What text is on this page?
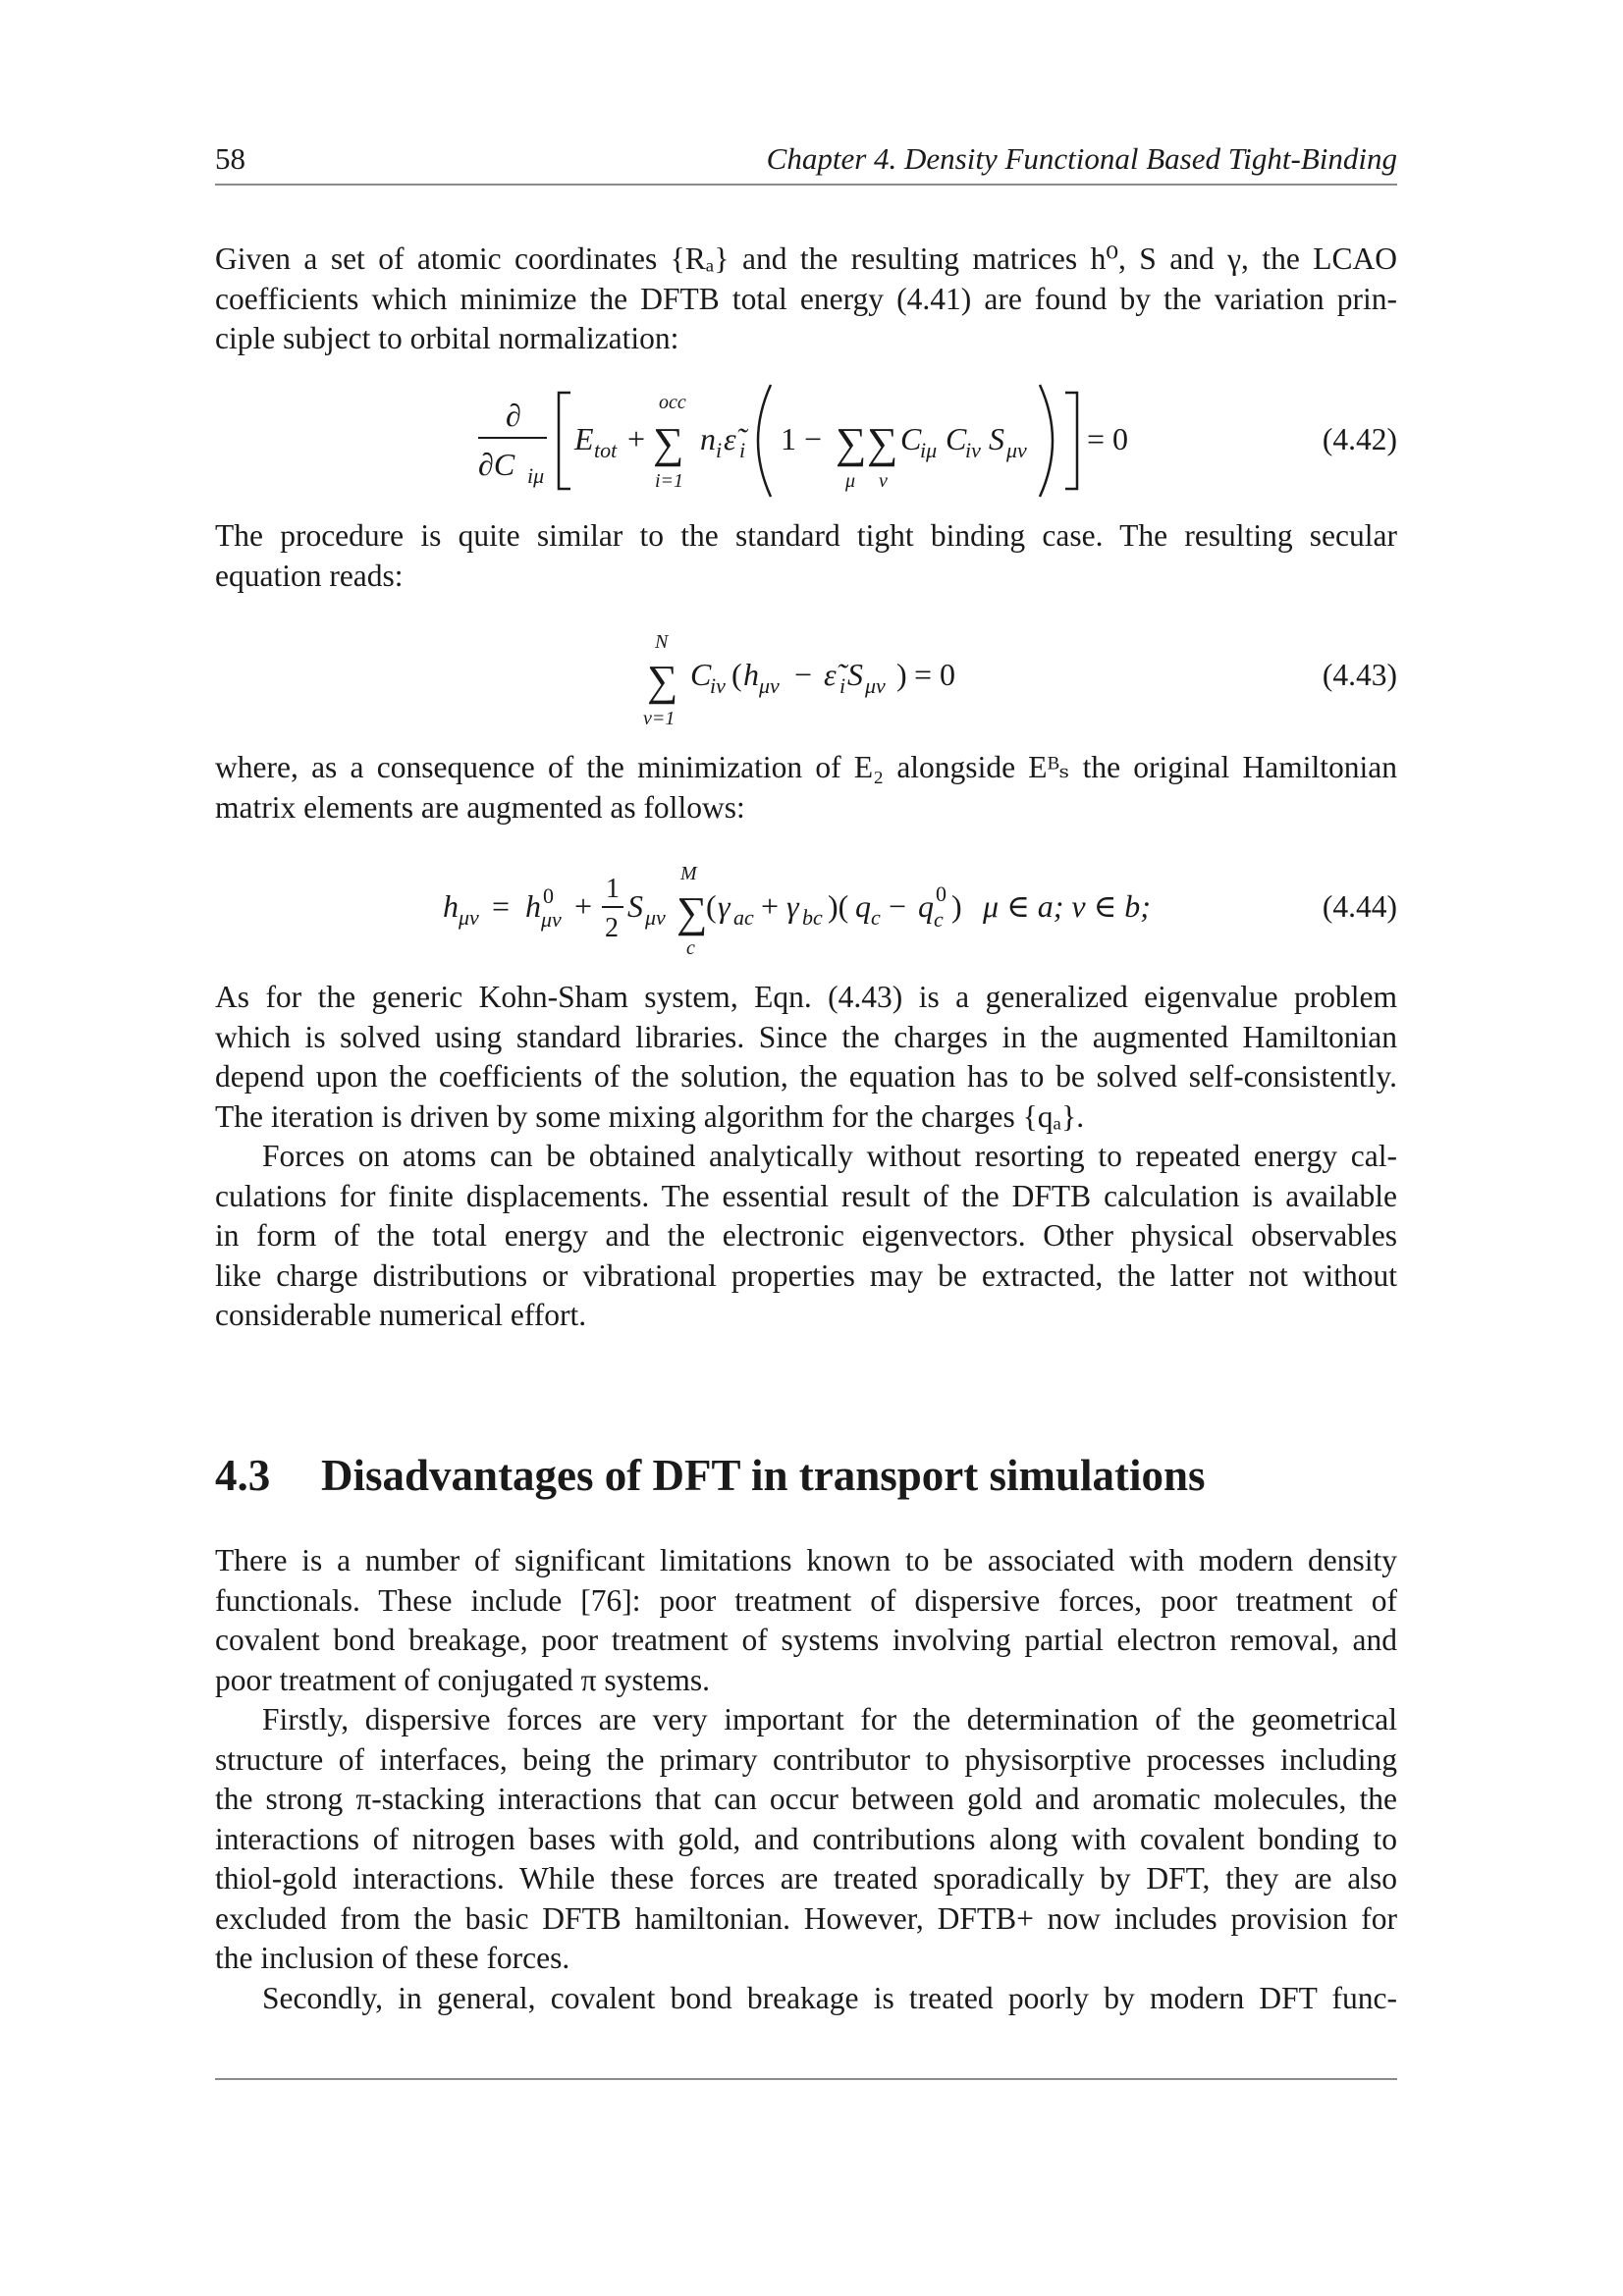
58	Chapter 4. Density Functional Based Tight-Binding

Given a set of atomic coordinates {Rₐ} and the resulting matrices h⁰, S and γ, the LCAO
coefficients which minimize the DFTB total energy (4.41) are found by the variation prin-
ciple subject to orbital normalization:

∂
∂C iμ
E tot +
occ
∑
i=1
n i ε̃ i 1 − ∑
μ
∑
ν
C
iμ C
iν S μν = 0	(4.42)

The procedure is quite similar to the standard tight binding case. The resulting secular
equation reads:

N
∑
ν=1
C
iν ( h μν − ε̃ i S μν ) = 0	(4.43)

where, as a consequence of the minimization of E₂ alongside Eᴮₛ the original Hamiltonian
matrix elements are augmented as follows:

h μν = h 0
μν + 1
2
S μν
M
∑
c
( γ ac + γ bc )( q c − q 0
c ) μ ∈ a; ν ∈ b;	(4.44)

As for the generic Kohn-Sham system, Eqn. (4.43) is a generalized eigenvalue problem
which is solved using standard libraries. Since the charges in the augmented Hamiltonian
depend upon the coefficients of the solution, the equation has to be solved self-consistently.
The iteration is driven by some mixing algorithm for the charges {qₐ}.

Forces on atoms can be obtained analytically without resorting to repeated energy cal-
culations for finite displacements. The essential result of the DFTB calculation is available
in form of the total energy and the electronic eigenvectors. Other physical observables
like charge distributions or vibrational properties may be extracted, the latter not without
considerable numerical effort.

4.3 Disadvantages of DFT in transport simulations

There is a number of significant limitations known to be associated with modern density
functionals. These include [76]: poor treatment of dispersive forces, poor treatment of
covalent bond breakage, poor treatment of systems involving partial electron removal, and
poor treatment of conjugated π systems.

Firstly, dispersive forces are very important for the determination of the geometrical
structure of interfaces, being the primary contributor to physisorptive processes including
the strong π-stacking interactions that can occur between gold and aromatic molecules, the
interactions of nitrogen bases with gold, and contributions along with covalent bonding to
thiol-gold interactions. While these forces are treated sporadically by DFT, they are also
excluded from the basic DFTB hamiltonian. However, DFTB+ now includes provision for
the inclusion of these forces.

Secondly, in general, covalent bond breakage is treated poorly by modern DFT func-
